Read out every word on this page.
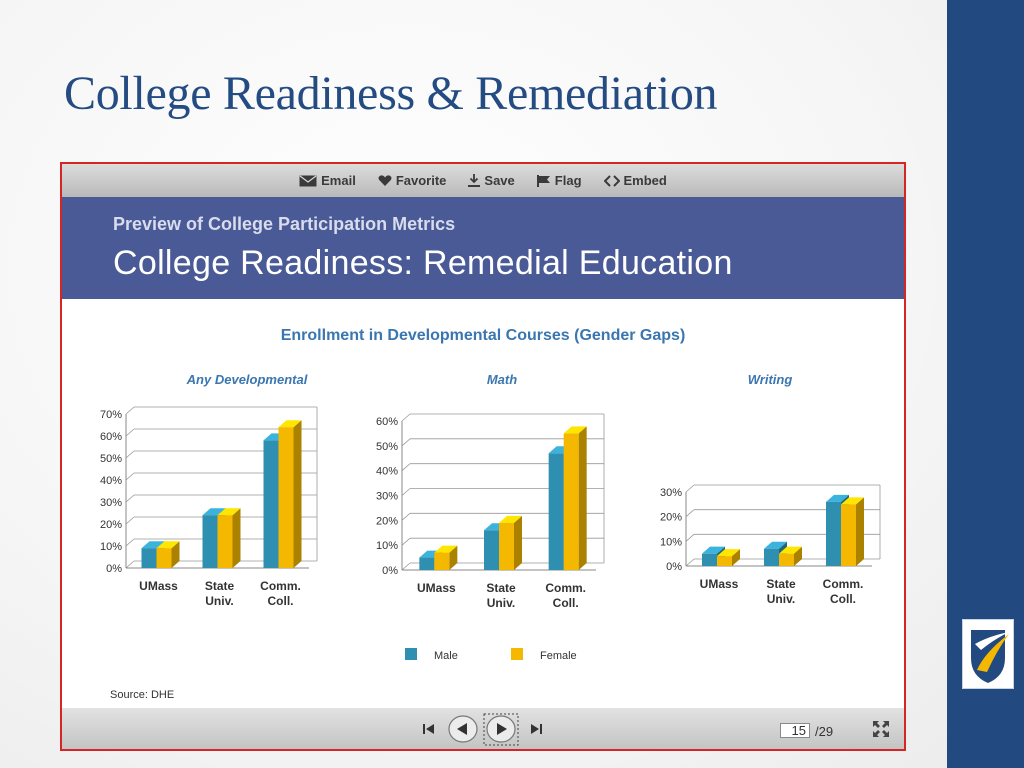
College Readiness & Remediation
Email	Favorite	Save	Flag	Embed
Preview of College Participation Metrics
College Readiness: Remedial Education
Enrollment in Developmental Courses (Gender Gaps)
Any Developmental
0%
10%
20%
30%
40%
50%
60%
70%
UMass State Univ.
Comm. Coll.
Math
0%
10%
20%
30%
40%
50%
60%
UMass	State Univ.
Comm. Coll.
Writing
0%
10%
20%
30%
UMass State Univ.
Comm. Coll.
Male	Female
Source: DHE
15 /29
